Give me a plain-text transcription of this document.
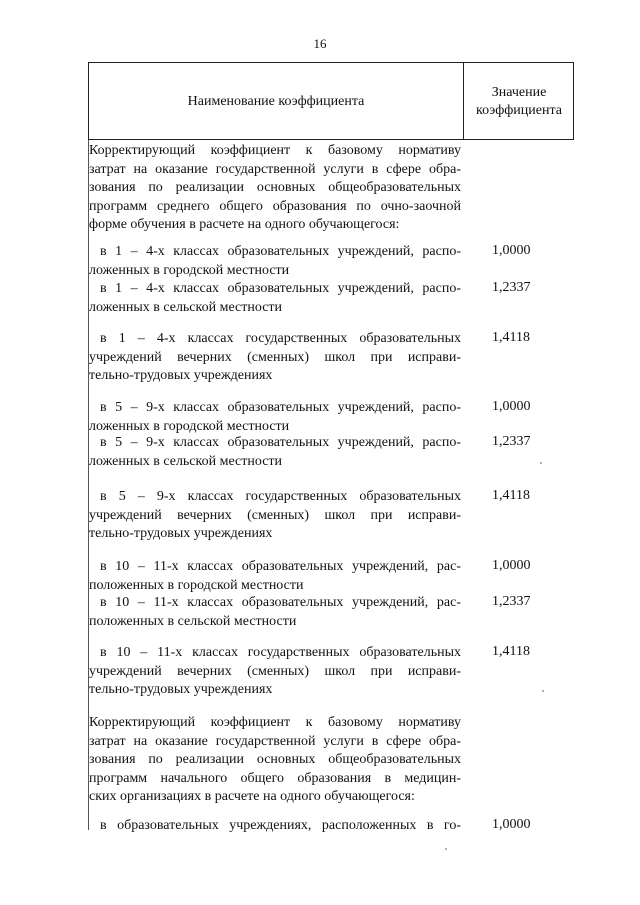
16
Наименование коэффициента
Значение
коэффициента
Корректирующий коэффициент к базовому нормативу
затрат на оказание государственной услуги в сфере обра-
зования по реализации основных общеобразовательных
программ среднего общего образования по очно-заочной
форме обучения в расчете на одного обучающегося:
в 1 – 4-х классах образовательных учреждений, распо-
ложенных в городской местности
1,0000
в 1 – 4-х классах образовательных учреждений, распо-
ложенных в сельской местности
1,2337
в 1 – 4-х классах государственных образовательных
учреждений вечерних (сменных) школ при исправи-
тельно-трудовых учреждениях
1,4118
в 5 – 9-х классах образовательных учреждений, распо-
ложенных в городской местности
1,0000
в 5 – 9-х классах образовательных учреждений, распо-
ложенных в сельской местности
1,2337
в 5 – 9-х классах государственных образовательных
учреждений вечерних (сменных) школ при исправи-
тельно-трудовых учреждениях
1,4118
в 10 – 11-х классах образовательных учреждений, рас-
положенных в городской местности
1,0000
в 10 – 11-х классах образовательных учреждений, рас-
положенных в сельской местности
1,2337
в 10 – 11-х классах государственных образовательных
учреждений вечерних (сменных) школ при исправи-
тельно-трудовых учреждениях
1,4118
Корректирующий коэффициент к базовому нормативу
затрат на оказание государственной услуги в сфере обра-
зования по реализации основных общеобразовательных
программ начального общего образования в медицин-
ских организациях в расчете на одного обучающегося:
в образовательных учреждениях, расположенных в го- 1,0000
